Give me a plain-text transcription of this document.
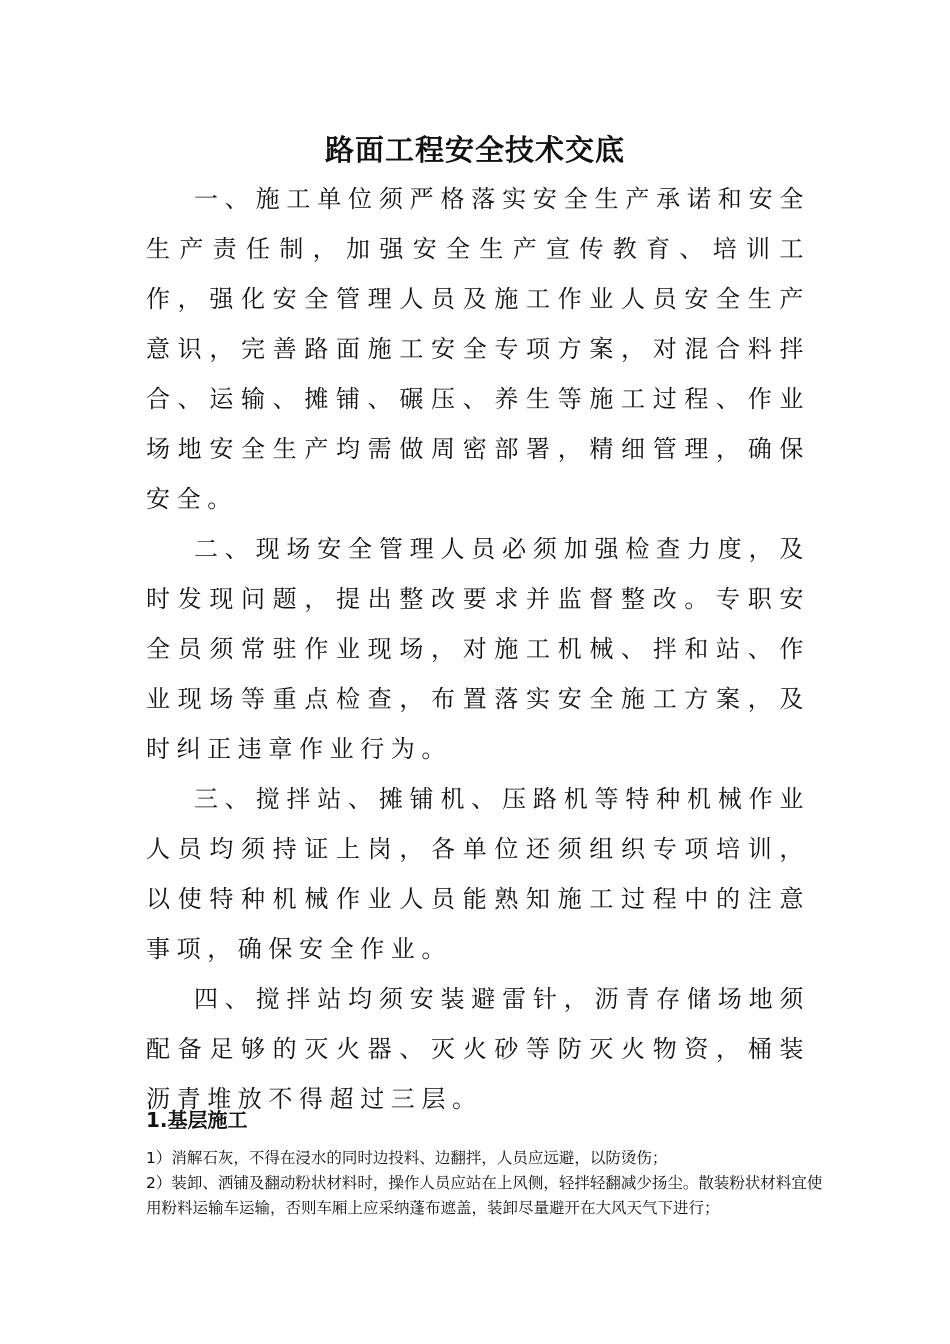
路面工程安全技术交底

一、施工单位须严格落实安全生产承诺和安全生产责任制，加强安全生产宣传教育、培训工作，强化安全管理人员及施工作业人员安全生产意识，完善路面施工安全专项方案，对混合料拌合、运输、摊铺、碾压、养生等施工过程、作业场地安全生产均需做周密部署，精细管理，确保安全。

二、现场安全管理人员必须加强检查力度，及时发现问题，提出整改要求并监督整改。专职安全员须常驻作业现场，对施工机械、拌和站、作业现场等重点检查，布置落实安全施工方案，及时纠正违章作业行为。

三、搅拌站、摊铺机、压路机等特种机械作业人员均须持证上岗，各单位还须组织专项培训，以使特种机械作业人员能熟知施工过程中的注意事项，确保安全作业。

四、搅拌站均须安装避雷针，沥青存储场地须配备足够的灭火器、灭火砂等防灭火物资，桶装沥青堆放不得超过三层。

1.基层施工

1）消解石灰，不得在浸水的同时边投料、边翻拌，人员应远避，以防烫伤；

2）装卸、洒铺及翻动粉状材料时，操作人员应站在上风侧，轻拌轻翻减少扬尘。散装粉状材料宜使用粉料运输车运输，否则车厢上应采纳蓬布遮盖，装卸尽量避开在大风天气下进行；
